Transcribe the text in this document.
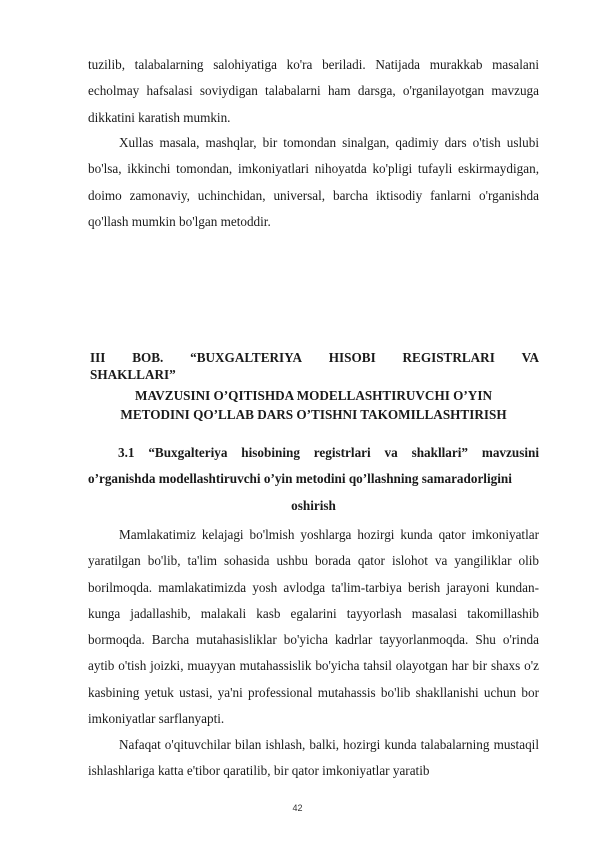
tuzilib, talabalarning salohiyatiga ko'ra beriladi. Natijada murakkab masalani echolmay hafsalasi soviydigan talabalarni ham darsga, o'rganilayotgan mavzuga dikkatini karatish mumkin.

Xullas masala, mashqlar, bir tomondan sinalgan, qadimiy dars o'tish uslubi bo'lsa, ikkinchi tomondan, imkoniyatlari nihoyatda ko'pligi tufayli eskirmaydigan, doimo zamonaviy, uchinchidan, universal, barcha iktisodiy fanlarni o'rganishda qo'llash mumkin bo'lgan metoddir.

III BOB. “BUXGALTERIYA HISOBI REGISTRLARI VA
SHAKLLARI”
MAVZUSINI O’QITISHDA MODELLASHTIRUVCHI O’YIN
METODINI QO’LLAB DARS O’TISHNI TAKOMILLASHTIRISH
3.1 “Buxgalteriya hisobining registrlari va shakllari” mavzusini
o’rganishda modellashtiruvchi o’yin metodini qo’llashning samaradorligini
oshirish

Mamlakatimiz kelajagi bo'lmish yoshlarga hozirgi kunda qator imkoniyatlar yaratilgan bo'lib, ta'lim sohasida ushbu borada qator islohot va yangiliklar olib borilmoqda. mamlakatimizda yosh avlodga ta'lim-tarbiya berish jarayoni kundan-kunga jadallashib, malakali kasb egalarini tayyorlash masalasi takomillashib bormoqda. Barcha mutahasisliklar bo'yicha kadrlar tayyorlanmoqda. Shu o'rinda aytib o'tish joizki, muayyan mutahassislik bo'yicha tahsil olayotgan har bir shaxs o'z kasbining yetuk ustasi, ya'ni professional mutahassis bo'lib shakllanishi uchun bor imkoniyatlar sarflanyapti.

Nafaqat o'qituvchilar bilan ishlash, balki, hozirgi kunda talabalarning mustaqil ishlashlariga katta e'tibor qaratilib, bir qator imkoniyatlar yaratib

42
